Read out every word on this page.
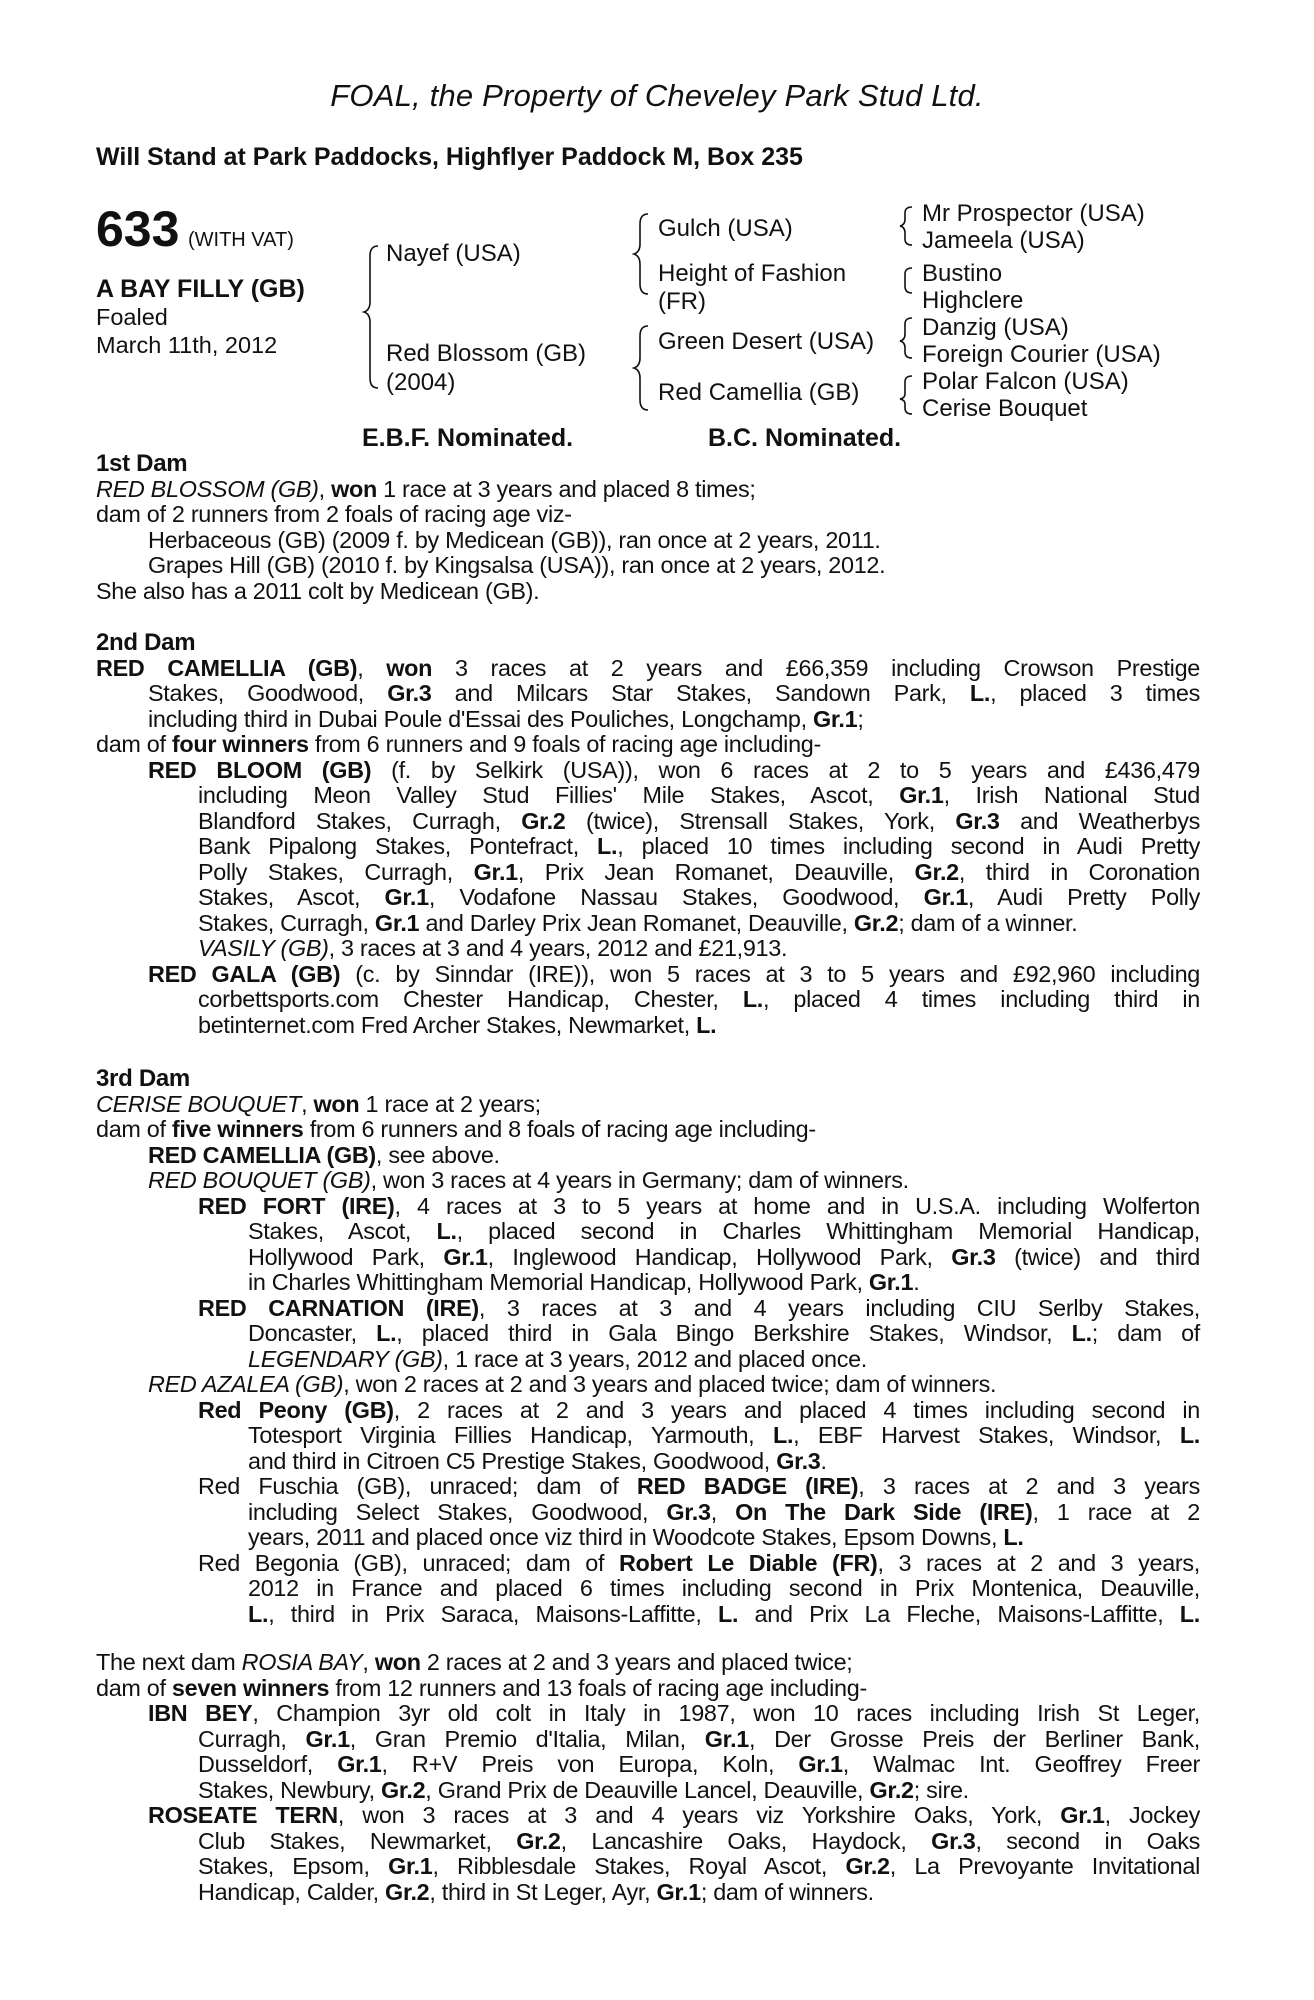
FOAL, the Property of Cheveley Park Stud Ltd.
Will Stand at Park Paddocks, Highflyer Paddock M, Box 235
633 (WITH VAT)
A BAY FILLY (GB)
Foaled
March 11th, 2012
Nayef (USA)
Red Blossom (GB)
(2004)
Gulch (USA)
Height of Fashion
(FR)
Green Desert (USA)
Red Camellia (GB)
Mr Prospector (USA)
Jameela (USA)
Bustino
Highclere
Danzig (USA)
Foreign Courier (USA)
Polar Falcon (USA)
Cerise Bouquet
E.B.F. Nominated.	B.C. Nominated.
1st Dam
RED BLOSSOM (GB), won 1 race at 3 years and placed 8 times;
dam of 2 runners from 2 foals of racing age viz-
Herbaceous (GB) (2009 f. by Medicean (GB)), ran once at 2 years, 2011.
Grapes Hill (GB) (2010 f. by Kingsalsa (USA)), ran once at 2 years, 2012.
She also has a 2011 colt by Medicean (GB).
2nd Dam
RED CAMELLIA (GB), won 3 races at 2 years and £66,359 including Crowson Prestige
Stakes, Goodwood, Gr.3 and Milcars Star Stakes, Sandown Park, L., placed 3 times
including third in Dubai Poule d'Essai des Pouliches, Longchamp, Gr.1;
dam of four winners from 6 runners and 9 foals of racing age including-
RED BLOOM (GB) (f. by Selkirk (USA)), won 6 races at 2 to 5 years and £436,479
including Meon Valley Stud Fillies' Mile Stakes, Ascot, Gr.1, Irish National Stud
Blandford Stakes, Curragh, Gr.2 (twice), Strensall Stakes, York, Gr.3 and Weatherbys
Bank Pipalong Stakes, Pontefract, L., placed 10 times including second in Audi Pretty
Polly Stakes, Curragh, Gr.1, Prix Jean Romanet, Deauville, Gr.2, third in Coronation
Stakes, Ascot, Gr.1, Vodafone Nassau Stakes, Goodwood, Gr.1, Audi Pretty Polly
Stakes, Curragh, Gr.1 and Darley Prix Jean Romanet, Deauville, Gr.2; dam of a winner.
VASILY (GB), 3 races at 3 and 4 years, 2012 and £21,913.
RED GALA (GB) (c. by Sinndar (IRE)), won 5 races at 3 to 5 years and £92,960 including
corbettsports.com Chester Handicap, Chester, L., placed 4 times including third in
betinternet.com Fred Archer Stakes, Newmarket, L.
3rd Dam
CERISE BOUQUET, won 1 race at 2 years;
dam of five winners from 6 runners and 8 foals of racing age including-
RED CAMELLIA (GB), see above.
RED BOUQUET (GB), won 3 races at 4 years in Germany; dam of winners.
RED FORT (IRE), 4 races at 3 to 5 years at home and in U.S.A. including Wolferton
Stakes, Ascot, L., placed second in Charles Whittingham Memorial Handicap,
Hollywood Park, Gr.1, Inglewood Handicap, Hollywood Park, Gr.3 (twice) and third
in Charles Whittingham Memorial Handicap, Hollywood Park, Gr.1.
RED CARNATION (IRE), 3 races at 3 and 4 years including CIU Serlby Stakes,
Doncaster, L., placed third in Gala Bingo Berkshire Stakes, Windsor, L.; dam of
LEGENDARY (GB), 1 race at 3 years, 2012 and placed once.
RED AZALEA (GB), won 2 races at 2 and 3 years and placed twice; dam of winners.
Red Peony (GB), 2 races at 2 and 3 years and placed 4 times including second in
Totesport Virginia Fillies Handicap, Yarmouth, L., EBF Harvest Stakes, Windsor, L.
and third in Citroen C5 Prestige Stakes, Goodwood, Gr.3.
Red Fuschia (GB), unraced; dam of RED BADGE (IRE), 3 races at 2 and 3 years
including Select Stakes, Goodwood, Gr.3, On The Dark Side (IRE), 1 race at 2
years, 2011 and placed once viz third in Woodcote Stakes, Epsom Downs, L.
Red Begonia (GB), unraced; dam of Robert Le Diable (FR), 3 races at 2 and 3 years,
2012 in France and placed 6 times including second in Prix Montenica, Deauville,
L., third in Prix Saraca, Maisons-Laffitte, L. and Prix La Fleche, Maisons-Laffitte, L.
The next dam ROSIA BAY, won 2 races at 2 and 3 years and placed twice;
dam of seven winners from 12 runners and 13 foals of racing age including-
IBN BEY, Champion 3yr old colt in Italy in 1987, won 10 races including Irish St Leger,
Curragh, Gr.1, Gran Premio d'Italia, Milan, Gr.1, Der Grosse Preis der Berliner Bank,
Dusseldorf, Gr.1, R+V Preis von Europa, Koln, Gr.1, Walmac Int. Geoffrey Freer
Stakes, Newbury, Gr.2, Grand Prix de Deauville Lancel, Deauville, Gr.2; sire.
ROSEATE TERN, won 3 races at 3 and 4 years viz Yorkshire Oaks, York, Gr.1, Jockey
Club Stakes, Newmarket, Gr.2, Lancashire Oaks, Haydock, Gr.3, second in Oaks
Stakes, Epsom, Gr.1, Ribblesdale Stakes, Royal Ascot, Gr.2, La Prevoyante Invitational
Handicap, Calder, Gr.2, third in St Leger, Ayr, Gr.1; dam of winners.
